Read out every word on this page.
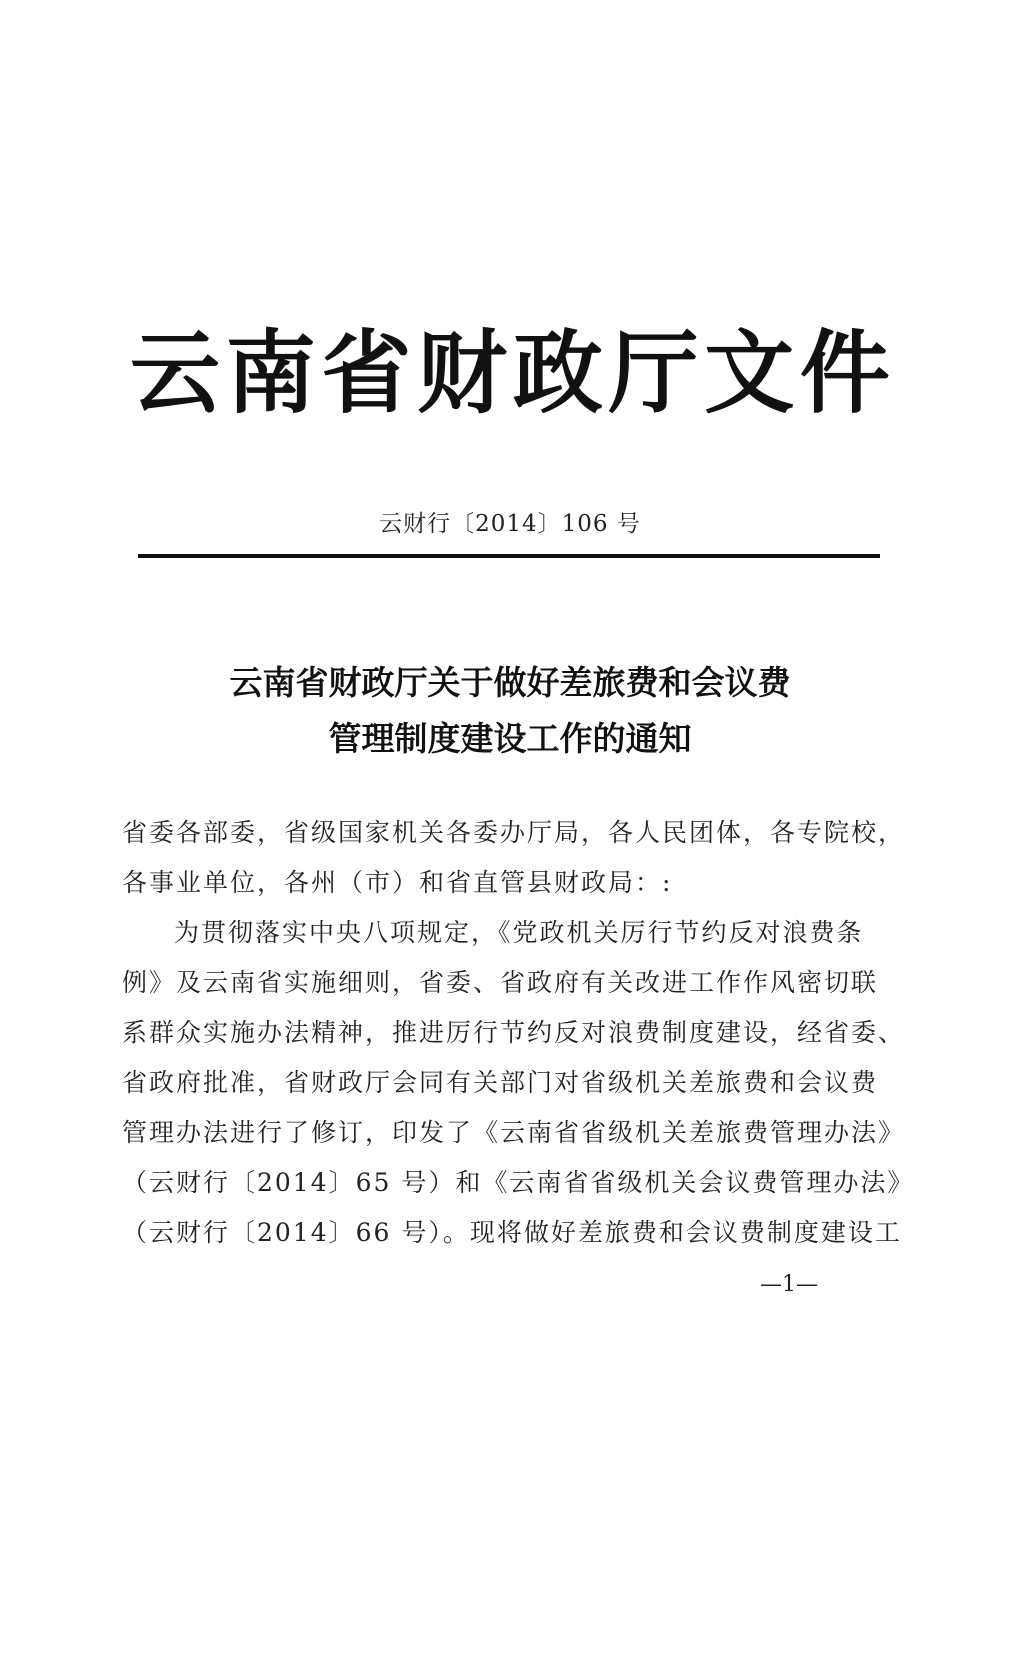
云 南 省 财 政 厅 文 件
云财行〔2014〕106 号
云南省财政厅关于做好差旅费和会议费
管理制度建设工作的通知
省委各部委，省级国家机关各委办厅局，各人民团体，各专院校，
各事业单位，各州（市）和省直管县财政局：:
为贯彻落实中央八项规定，《党政机关厉行节约反对浪费条
例》及云南省实施细则，省委、省政府有关改进工作作风密切联
系群众实施办法精神，推进厉行节约反对浪费制度建设，经省委、
省政府批准，省财政厅会同有关部门对省级机关差旅费和会议费
管理办法进行了修订，印发了《云南省省级机关差旅费管理办法》
（云财行〔2014〕65 号）和《云南省省级机关会议费管理办法》
（云财行〔2014〕66 号）。现将做好差旅费和会议费制度建设工
—1—
